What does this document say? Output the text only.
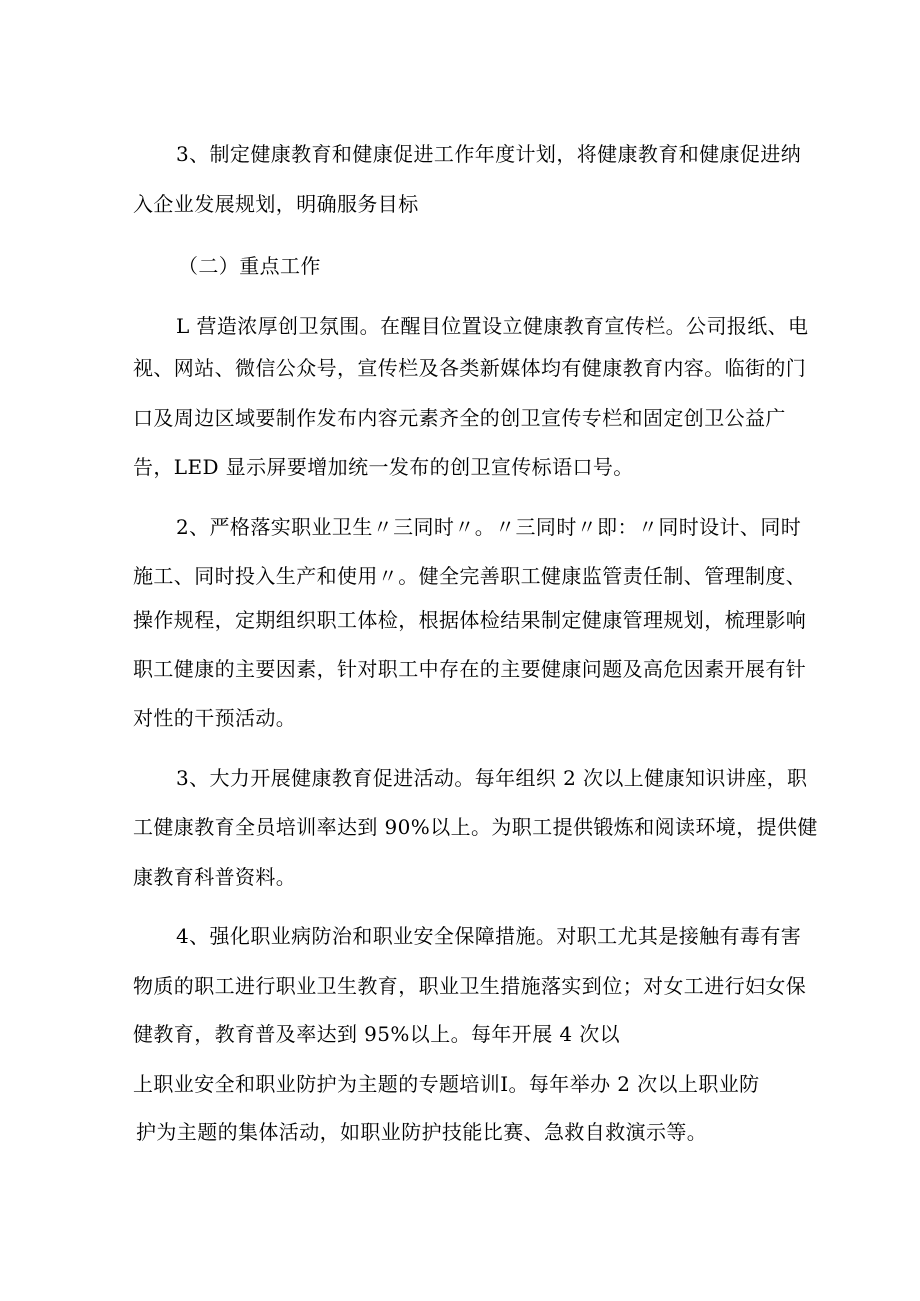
3、制定健康教育和健康促进工作年度计划，将健康教育和健康促进纳

入企业发展规划，明确服务目标

（二）重点工作

L 营造浓厚创卫氛围。在醒目位置设立健康教育宣传栏。公司报纸、电

视、网站、微信公众号，宣传栏及各类新媒体均有健康教育内容。临街的门

口及周边区域要制作发布内容元素齐全的创卫宣传专栏和固定创卫公益广

告，LED 显示屏要增加统一发布的创卫宣传标语口号。

2、严格落实职业卫生〃三同时〃。〃三同时〃即：〃同时设计、同时

施工、同时投入生产和使用〃。健全完善职工健康监管责任制、管理制度、

操作规程，定期组织职工体检，根据体检结果制定健康管理规划，梳理影响

职工健康的主要因素，针对职工中存在的主要健康问题及高危因素开展有针

对性的干预活动。

3、大力开展健康教育促进活动。每年组织 2 次以上健康知识讲座，职

工健康教育全员培训率达到 90%以上。为职工提供锻炼和阅读环境，提供健

康教育科普资料。

4、强化职业病防治和职业安全保障措施。对职工尤其是接触有毒有害

物质的职工进行职业卫生教育，职业卫生措施落实到位；对女工进行妇女保

健教育，教育普及率达到 95%以上。每年开展 4 次以

上职业安全和职业防护为主题的专题培训Ⅰ。每年举办 2 次以上职业防

护为主题的集体活动，如职业防护技能比赛、急救自救演示等。
